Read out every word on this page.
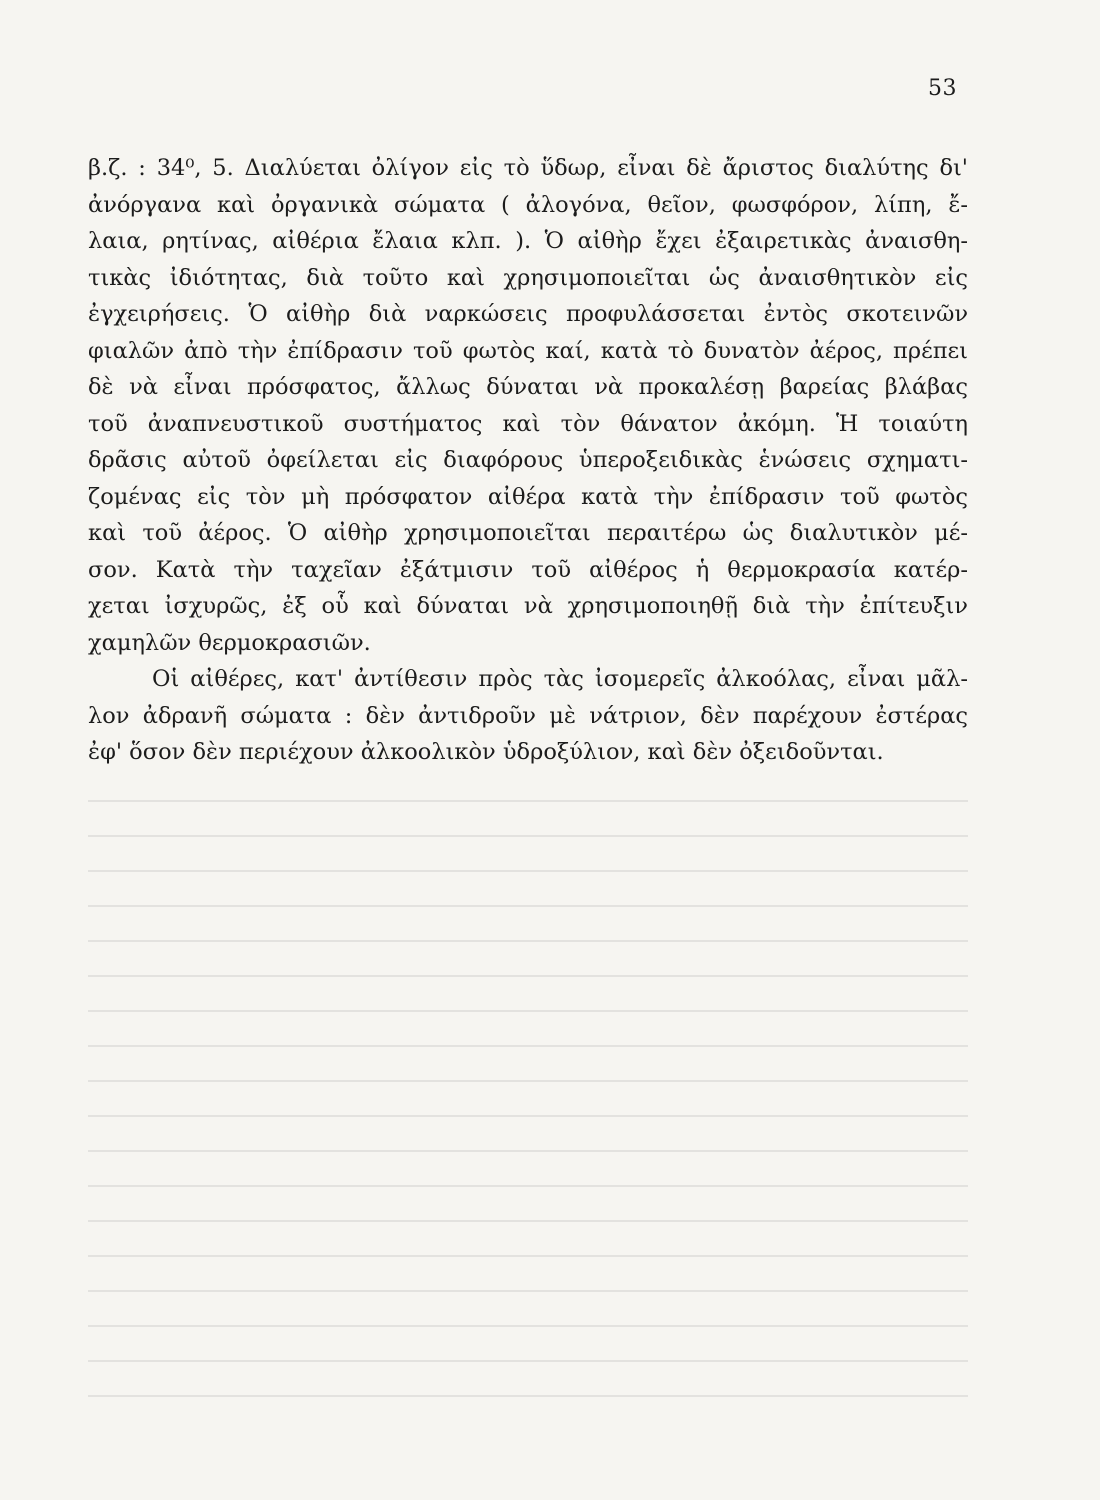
53
β.ζ. : 34⁰, 5. Διαλύεται ὀλίγον εἰς τὸ ὕδωρ, εἶναι δὲ ἄριστος διαλύτης δι'
ἀνόργανα καὶ ὀργανικὰ σώματα ( ἀλογόνα, θεῖον, φωσφόρον, λίπη, ἔ-
λαια, ρητίνας, αἰθέρια ἔλαια κλπ. ). Ὁ αἰθὴρ ἔχει ἐξαιρετικὰς ἀναισθη-
τικὰς ἰδιότητας, διὰ τοῦτο καὶ χρησιμοποιεῖται ὡς ἀναισθητικὸν εἰς
ἐγχειρήσεις. Ὁ αἰθὴρ διὰ ναρκώσεις προφυλάσσεται ἐντὸς σκοτεινῶν
φιαλῶν ἀπὸ τὴν ἐπίδρασιν τοῦ φωτὸς καί, κατὰ τὸ δυνατὸν ἀέρος, πρέπει
δὲ νὰ εἶναι πρόσφατος, ἄλλως δύναται νὰ προκαλέσῃ βαρείας βλάβας
τοῦ ἀναπνευστικοῦ συστήματος καὶ τὸν θάνατον ἀκόμη. Ἡ τοιαύτη
δρᾶσις αὐτοῦ ὀφείλεται εἰς διαφόρους ὑπεροξειδικὰς ἑνώσεις σχηματι-
ζομένας εἰς τὸν μὴ πρόσφατον αἰθέρα κατὰ τὴν ἐπίδρασιν τοῦ φωτὸς
καὶ τοῦ ἀέρος. Ὁ αἰθὴρ χρησιμοποιεῖται περαιτέρω ὡς διαλυτικὸν μέ-
σον. Κατὰ τὴν ταχεῖαν ἐξάτμισιν τοῦ αἰθέρος ἡ θερμοκρασία κατέρ-
χεται ἰσχυρῶς, ἐξ οὗ καὶ δύναται νὰ χρησιμοποιηθῇ διὰ τὴν ἐπίτευξιν
χαμηλῶν θερμοκρασιῶν.
Οἱ αἰθέρες, κατ' ἀντίθεσιν πρὸς τὰς ἰσομερεῖς ἀλκοόλας, εἶναι μᾶλ-
λον ἀδρανῆ σώματα : δὲν ἀντιδροῦν μὲ νάτριον, δὲν παρέχουν ἐστέρας
ἐφ' ὅσον δὲν περιέχουν ἀλκοολικὸν ὑδροξύλιον, καὶ δὲν ὀξειδοῦνται.
